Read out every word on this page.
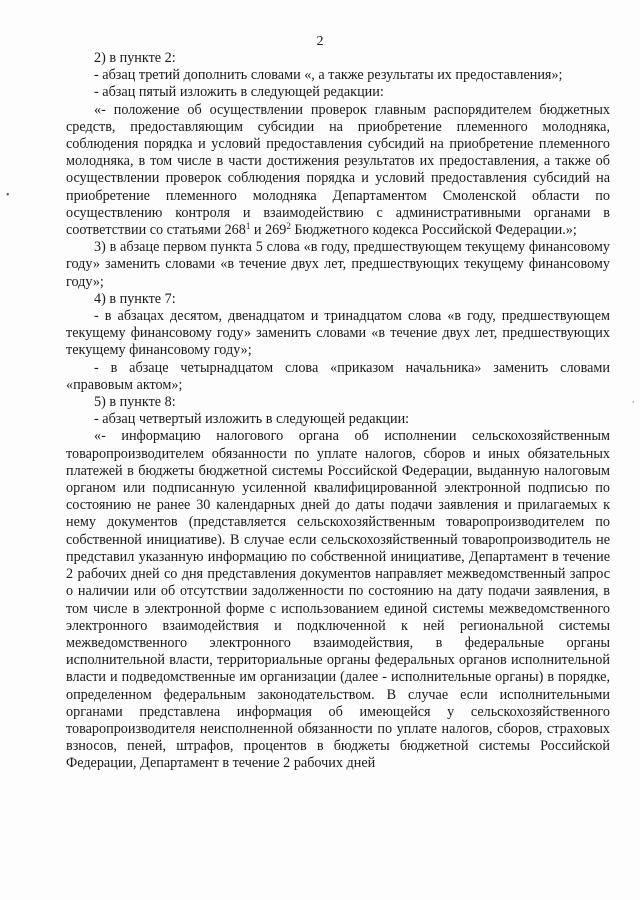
2
•
'

2) в пункте 2:

- абзац третий дополнить словами «, а также результаты их предоставления»;

- абзац пятый изложить в следующей редакции:

«- положение об осуществлении проверок главным распорядителем бюджетных средств, предоставляющим субсидии на приобретение племенного молодняка, соблюдения порядка и условий предоставления субсидий на приобретение племенного молодняка, в том числе в части достижения результатов их предоставления, а также об осуществлении проверок соблюдения порядка и условий предоставления субсидий на приобретение племенного молодняка Департаментом Смоленской области по осуществлению контроля и взаимодействию с административными органами в соответствии со статьями $268^1$ и $269^2$ Бюджетного кодекса Российской Федерации.»;

3) в абзаце первом пункта 5 слова «в году, предшествующем текущему финансовому году» заменить словами «в течение двух лет, предшествующих текущему финансовому году»;

4) в пункте 7:

- в абзацах десятом, двенадцатом и тринадцатом слова «в году, предшествующем текущему финансовому году» заменить словами «в течение двух лет, предшествующих текущему финансовому году»;

- в абзаце четырнадцатом слова «приказом начальника» заменить словами «правовым актом»;

5) в пункте 8:

- абзац четвертый изложить в следующей редакции:

«- информацию налогового органа об исполнении сельскохозяйственным товаропроизводителем обязанности по уплате налогов, сборов и иных обязательных платежей в бюджеты бюджетной системы Российской Федерации, выданную налоговым органом или подписанную усиленной квалифицированной электронной подписью по состоянию не ранее 30 календарных дней до даты подачи заявления и прилагаемых к нему документов (представляется сельскохозяйственным товаропроизводителем по собственной инициативе). В случае если сельскохозяйственный товаропроизводитель не представил указанную информацию по собственной инициативе, Департамент в течение 2 рабочих дней со дня представления документов направляет межведомственный запрос о наличии или об отсутствии задолженности по состоянию на дату подачи заявления, в том числе в электронной форме с использованием единой системы межведомственного электронного взаимодействия и подключенной к ней региональной системы межведомственного электронного взаимодействия, в федеральные органы исполнительной власти, территориальные органы федеральных органов исполнительной власти и подведомственные им организации (далее - исполнительные органы) в порядке, определенном федеральным законодательством. В случае если исполнительными органами представлена информация об имеющейся у сельскохозяйственного товаропроизводителя неисполненной обязанности по уплате налогов, сборов, страховых взносов, пеней, штрафов, процентов в бюджеты бюджетной системы Российской Федерации, Департамент в течение 2 рабочих дней
